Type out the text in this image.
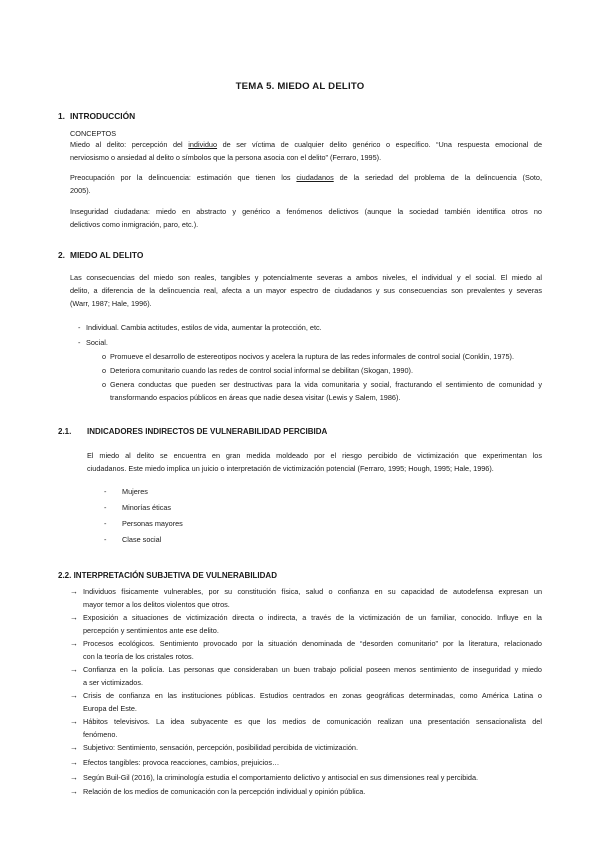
TEMA 5. MIEDO AL DELITO
1. INTRODUCCIÓN
CONCEPTOS
Miedo al delito: percepción del individuo de ser víctima de cualquier delito genérico o específico. “Una respuesta emocional de
nerviosismo o ansiedad al delito o símbolos que la persona asocia con el delito” (Ferraro, 1995).
Preocupación por la delincuencia: estimación que tienen los ciudadanos de la seriedad del problema de la delincuencia (Soto,
2005).
Inseguridad ciudadana: miedo en abstracto y genérico a fenómenos delictivos (aunque la sociedad también identifica otros no
delictivos como inmigración, paro, etc.).
2. MIEDO AL DELITO
Las consecuencias del miedo son reales, tangibles y potencialmente severas a ambos niveles, el individual y el social. El miedo al
delito, a diferencia de la delincuencia real, afecta a un mayor espectro de ciudadanos y sus consecuencias son prevalentes y severas
(Warr, 1987; Hale, 1996).
- Individual. Cambia actitudes, estilos de vida, aumentar la protección, etc.
- Social.
o Promueve el desarrollo de estereotipos nocivos y acelera la ruptura de las redes informales de control social (Conklin, 1975).
o Deteriora comunitario cuando las redes de control social informal se debilitan (Skogan, 1990).
o Genera conductas que pueden ser destructivas para la vida comunitaria y social, fracturando el sentimiento de comunidad y
transformando espacios públicos en áreas que nadie desea visitar (Lewis y Salem, 1986).
2.1. INDICADORES INDIRECTOS DE VULNERABILIDAD PERCIBIDA
El miedo al delito se encuentra en gran medida moldeado por el riesgo percibido de victimización que experimentan los
ciudadanos. Este miedo implica un juicio o interpretación de victimización potencial (Ferraro, 1995; Hough, 1995; Hale, 1996).
- Mujeres
- Minorías éticas
- Personas mayores
- Clase social
2.2. INTERPRETACIÓN SUBJETIVA DE VULNERABILIDAD
→ Individuos físicamente vulnerables, por su constitución física, salud o confianza en su capacidad de autodefensa expresan un
mayor temor a los delitos violentos que otros.
→ Exposición a situaciones de victimización directa o indirecta, a través de la victimización de un familiar, conocido. Influye en la
percepción y sentimientos ante ese delito.
→ Procesos ecológicos. Sentimiento provocado por la situación denominada de “desorden comunitario” por la literatura, relacionado
con la teoría de los cristales rotos.
→ Confianza en la policía. Las personas que consideraban un buen trabajo policial poseen menos sentimiento de inseguridad y miedo
a ser victimizados.
→ Crisis de confianza en las instituciones públicas. Estudios centrados en zonas geográficas determinadas, como América Latina o
Europa del Este.
→ Hábitos televisivos. La idea subyacente es que los medios de comunicación realizan una presentación sensacionalista del
fenómeno.
→ Subjetivo: Sentimiento, sensación, percepción, posibilidad percibida de victimización.
→ Efectos tangibles: provoca reacciones, cambios, prejuicios…
→ Según Buil-Gil (2016), la criminología estudia el comportamiento delictivo y antisocial en sus dimensiones real y percibida.
→ Relación de los medios de comunicación con la percepción individual y opinión pública.
